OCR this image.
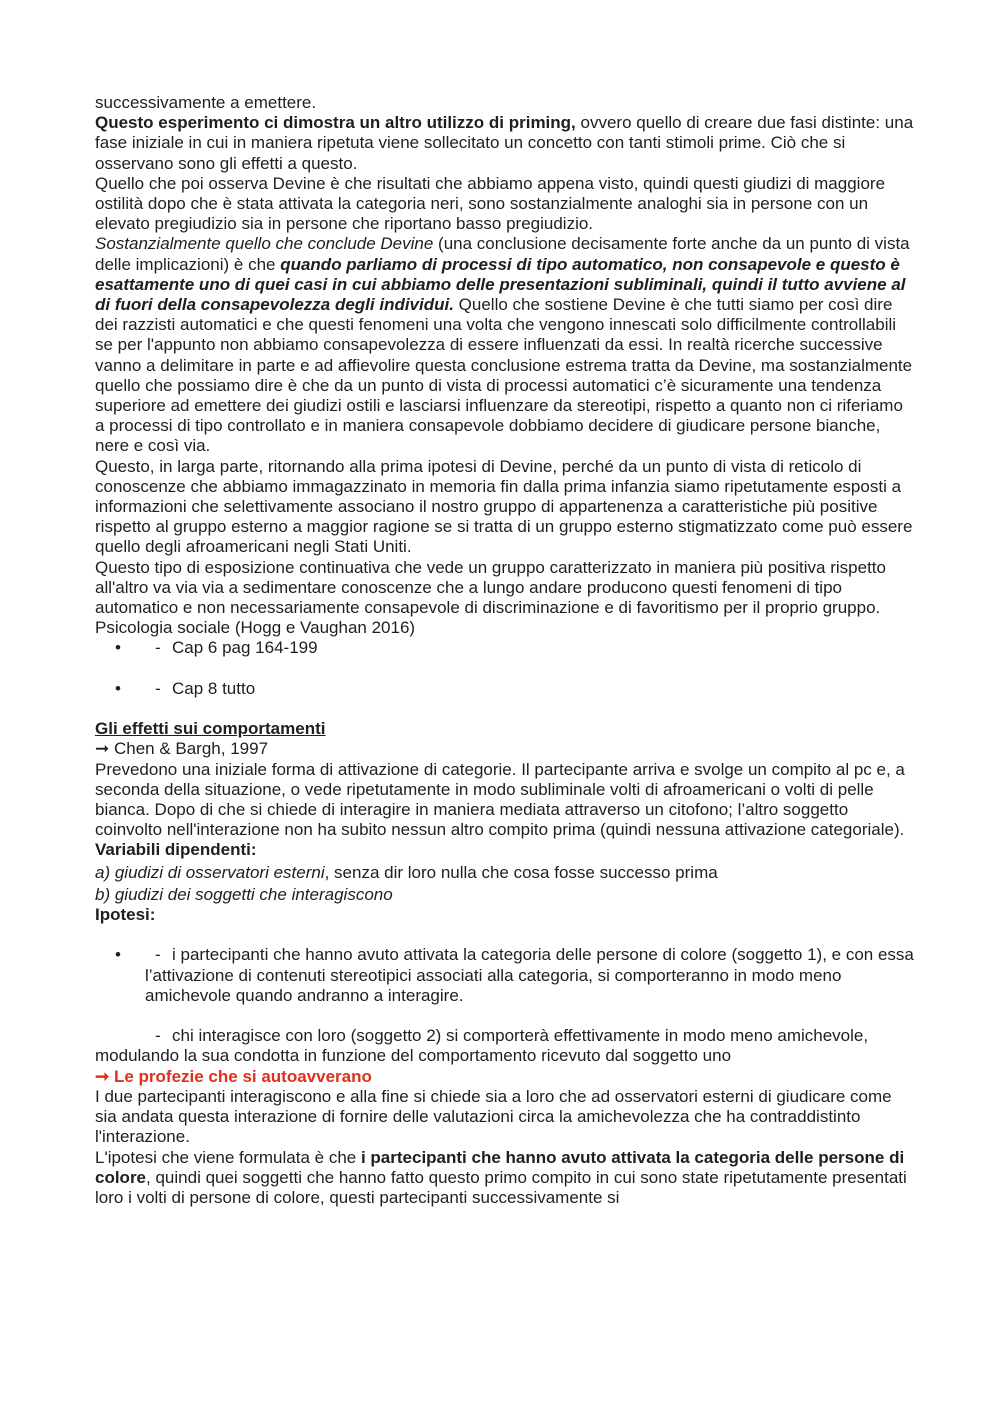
successivamente a emettere.

Questo esperimento ci dimostra un altro utilizzo di priming, ovvero quello di creare due fasi distinte: una fase iniziale in cui in maniera ripetuta viene sollecitato un concetto con tanti stimoli prime. Ciò che si osservano sono gli effetti a questo.

Quello che poi osserva Devine è che risultati che abbiamo appena visto, quindi questi giudizi di maggiore ostilità dopo che è stata attivata la categoria neri, sono sostanzialmente analoghi sia in persone con un elevato pregiudizio sia in persone che riportano basso pregiudizio.

Sostanzialmente quello che conclude Devine (una conclusione decisamente forte anche da un punto di vista delle implicazioni) è che quando parliamo di processi di tipo automatico, non consapevole e questo è esattamente uno di quei casi in cui abbiamo delle presentazioni subliminali, quindi il tutto avviene al di fuori della consapevolezza degli individui. Quello che sostiene Devine è che tutti siamo per così dire dei razzisti automatici e che questi fenomeni una volta che vengono innescati solo difficilmente controllabili se per l'appunto non abbiamo consapevolezza di essere influenzati da essi. In realtà ricerche successive vanno a delimitare in parte e ad affievolire questa conclusione estrema tratta da Devine, ma sostanzialmente quello che possiamo dire è che da un punto di vista di processi automatici c’è sicuramente una tendenza superiore ad emettere dei giudizi ostili e lasciarsi influenzare da stereotipi, rispetto a quanto non ci riferiamo a processi di tipo controllato e in maniera consapevole dobbiamo decidere di giudicare persone bianche, nere e così via.

Questo, in larga parte, ritornando alla prima ipotesi di Devine, perché da un punto di vista di reticolo di conoscenze che abbiamo immagazzinato in memoria fin dalla prima infanzia siamo ripetutamente esposti a informazioni che selettivamente associano il nostro gruppo di appartenenza a caratteristiche più positive rispetto al gruppo esterno a maggior ragione se si tratta di un gruppo esterno stigmatizzato come può essere quello degli afroamericani negli Stati Uniti.

Questo tipo di esposizione continuativa che vede un gruppo caratterizzato in maniera più positiva rispetto all'altro va via via a sedimentare conoscenze che a lungo andare producono questi fenomeni di tipo automatico e non necessariamente consapevole di discriminazione e di favoritismo per il proprio gruppo.

Psicologia sociale (Hogg e Vaughan 2016)

• - Cap 6 pag 164-199
• - Cap 8 tutto

Gli effetti sui comportamenti

➞ Chen & Bargh, 1997

Prevedono una iniziale forma di attivazione di categorie. Il partecipante arriva e svolge un compito al pc e, a seconda della situazione, o vede ripetutamente in modo subliminale volti di afroamericani o volti di pelle bianca. Dopo di che si chiede di interagire in maniera mediata attraverso un citofono; l’altro soggetto coinvolto nell'interazione non ha subito nessun altro compito prima (quindi nessuna attivazione categoriale).

Variabili dipendenti:

a) giudizi di osservatori esterni, senza dir loro nulla che cosa fosse successo prima

b) giudizi dei soggetti che interagiscono

Ipotesi:

•	- i partecipanti che hanno avuto attivata la categoria delle persone di colore (soggetto 1), e con essa l’attivazione di contenuti stereotipici associati alla categoria, si comporteranno in modo meno amichevole quando andranno a interagire.

- chi interagisce con loro (soggetto 2) si comporterà effettivamente in modo meno amichevole, modulando la sua condotta in funzione del comportamento ricevuto dal soggetto uno

➞ Le profezie che si autoavverano

I due partecipanti interagiscono e alla fine si chiede sia a loro che ad osservatori esterni di giudicare come sia andata questa interazione di fornire delle valutazioni circa la amichevolezza che ha contraddistinto l'interazione.

L'ipotesi che viene formulata è che i partecipanti che hanno avuto attivata la categoria delle persone di colore, quindi quei soggetti che hanno fatto questo primo compito in cui sono state ripetutamente presentati loro i volti di persone di colore, questi partecipanti successivamente si
